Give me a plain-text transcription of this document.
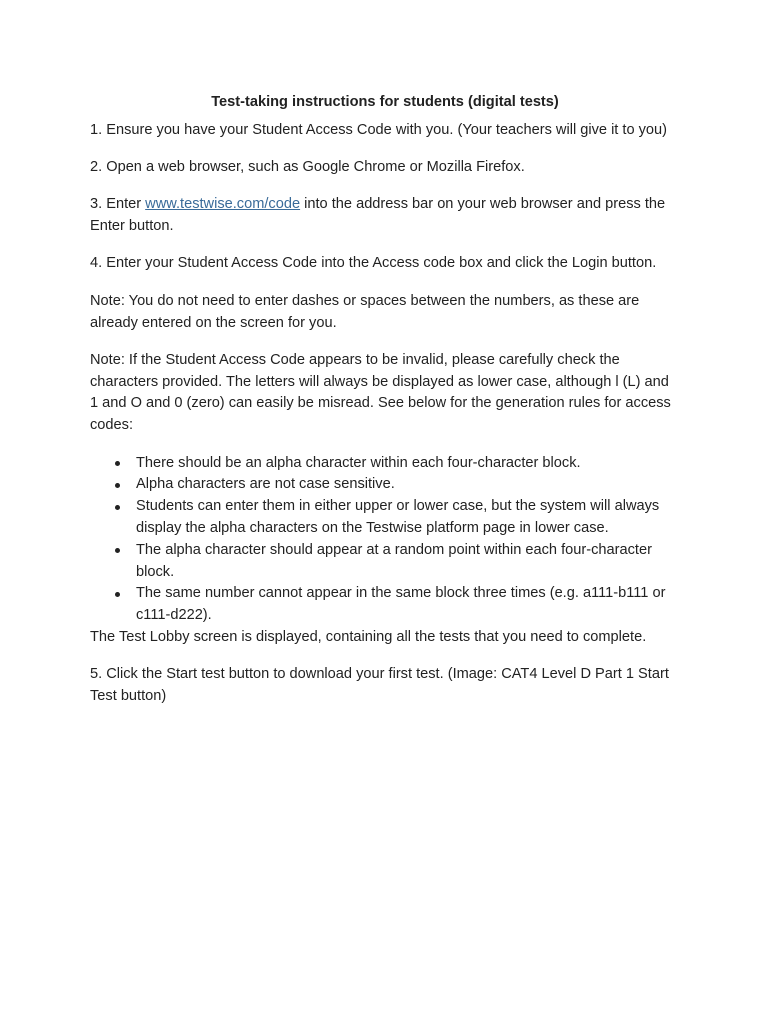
Test-taking instructions for students (digital tests)

1. Ensure you have your Student Access Code with you. (Your teachers will give it to you)

2. Open a web browser, such as Google Chrome or Mozilla Firefox.

3. Enter www.testwise.com/code into the address bar on your web browser and press the Enter button.

4. Enter your Student Access Code into the Access code box and click the Login button.

Note: You do not need to enter dashes or spaces between the numbers, as these are already entered on the screen for you.

Note: If the Student Access Code appears to be invalid, please carefully check the characters provided. The letters will always be displayed as lower case, although l (L) and 1 and O and 0 (zero) can easily be misread. See below for the generation rules for access codes:

There should be an alpha character within each four-character block.
Alpha characters are not case sensitive.
Students can enter them in either upper or lower case, but the system will always display the alpha characters on the Testwise platform page in lower case.
The alpha character should appear at a random point within each four-character block.
The same number cannot appear in the same block three times (e.g. a111-b111 or c111-d222).
The Test Lobby screen is displayed, containing all the tests that you need to complete.

5. Click the Start test button to download your first test. (Image: CAT4 Level D Part 1 Start Test button)
